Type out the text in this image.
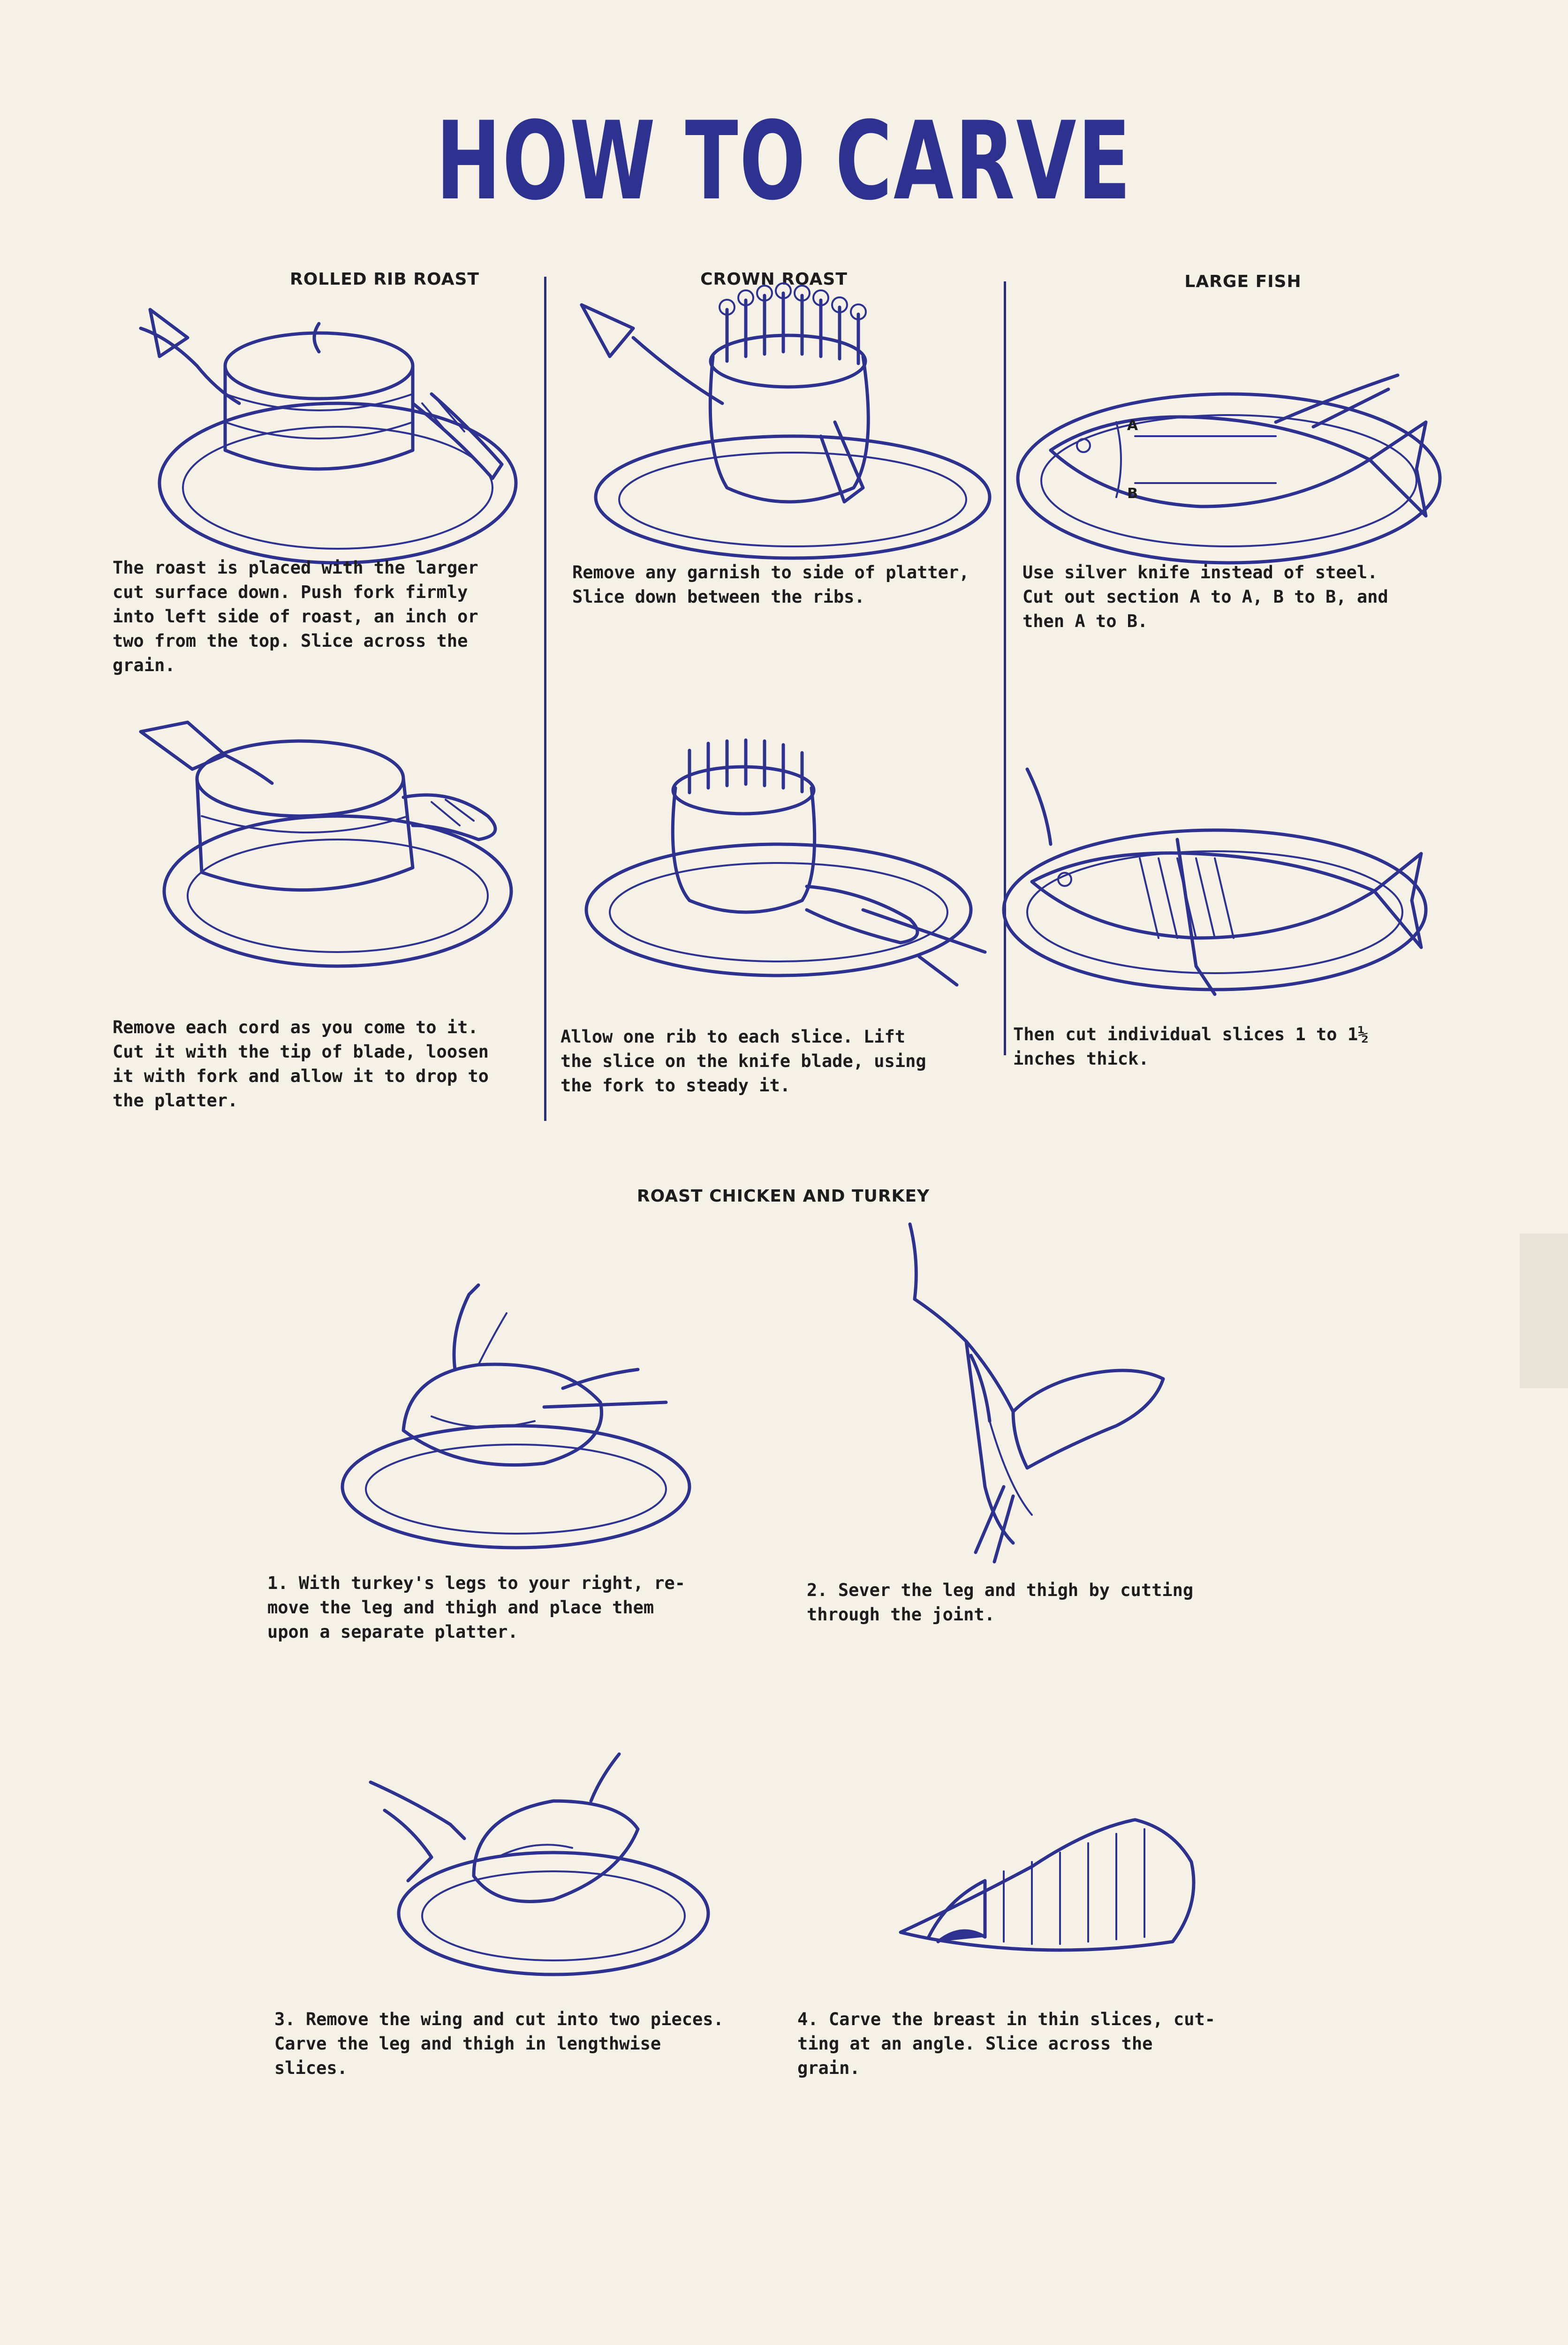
HOW TO CARVE
ROLLED RIB ROAST
The roast is placed with the larger
cut surface down. Push fork firmly
into left side of roast, an inch or
two from the top. Slice across the
grain.
Remove each cord as you come to it.
Cut it with the tip of blade, loosen
it with fork and allow it to drop to
the platter.
CROWN ROAST
Remove any garnish to side of platter,
Slice down between the ribs.
Allow one rib to each slice. Lift
the slice on the knife blade, using
the fork to steady it.
LARGE FISH
A
B
Use silver knife instead of steel.
Cut out section A to A, B to B, and
then A to B.
Then cut individual slices 1 to 1½
inches thick.
ROAST CHICKEN AND TURKEY
1. With turkey's legs to your right, re-
move the leg and thigh and place them
upon a separate platter.
2. Sever the leg and thigh by cutting
through the joint.
3. Remove the wing and cut into two pieces.
Carve the leg and thigh in lengthwise
slices.
4. Carve the breast in thin slices, cut-
ting at an angle. Slice across the
grain.
